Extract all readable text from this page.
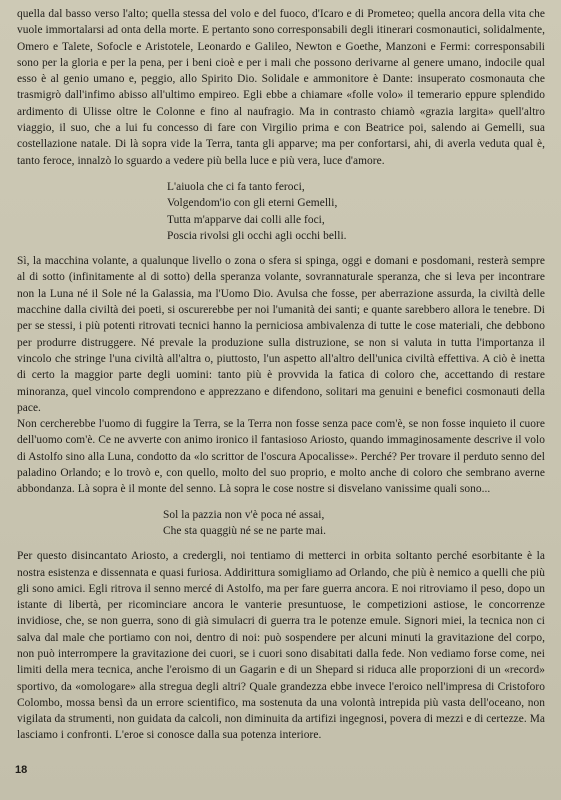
quella dal basso verso l'alto; quella stessa del volo e del fuoco, d'Icaro e di Prometeo; quella ancora della vita che vuole immortalarsi ad onta della morte. E pertanto sono corresponsabili degli itinerari cosmonautici, solidalmente, Omero e Talete, Sofocle e Aristotele, Leonardo e Galileo, Newton e Goethe, Manzoni e Fermi: corresponsabili sono per la gloria e per la pena, per i beni cioè e per i mali che possono derivarne al genere umano, indocile qual esso è al genio umano e, peggio, allo Spirito Dio. Solidale e ammonitore è Dante: insuperato cosmonauta che trasmigrò dall'infimo abisso all'ultimo empireo. Egli ebbe a chiamare «folle volo» il temerario eppure splendido ardimento di Ulisse oltre le Colonne e fino al naufragio. Ma in contrasto chiamò «grazia largita» quell'altro viaggio, il suo, che a lui fu concesso di fare con Virgilio prima e con Beatrice poi, salendo ai Gemelli, sua costellazione natale. Di là sopra vide la Terra, tanta gli apparve; ma per confortarsi, ahi, di averla veduta qual è, tanto feroce, innalzò lo sguardo a vedere più bella luce e più vera, luce d'amore.

L'aiuola che ci fa tanto feroci,
Volgendom'io con gli eterni Gemelli,
Tutta m'apparve dai colli alle foci,
Poscia rivolsi gli occhi agli occhi belli.

Sì, la macchina volante, a qualunque livello o zona o sfera si spinga, oggi e domani e posdomani, resterà sempre al di sotto (infinitamente al di sotto) della speranza volante, sovrannaturale speranza, che si leva per incontrare non la Luna né il Sole né la Galassia, ma l'Uomo Dio. Avulsa che fosse, per aberrazione assurda, la civiltà delle macchine dalla civiltà dei poeti, si oscurerebbe per noi l'umanità dei santi; e quante sarebbero allora le tenebre. Di per se stessi, i più potenti ritrovati tecnici hanno la perniciosa ambivalenza di tutte le cose materiali, che debbono per produrre distruggere. Né prevale la produzione sulla distruzione, se non si valuta in tutta l'importanza il vincolo che stringe l'una civiltà all'altra o, piuttosto, l'un aspetto all'altro dell'unica civiltà effettiva. A ciò è inetta di certo la maggior parte degli uomini: tanto più è provvida la fatica di coloro che, accettando di restare minoranza, quel vincolo comprendono e apprezzano e difendono, solitari ma genuini e benefici cosmonauti della pace.

Non cercherebbe l'uomo di fuggire la Terra, se la Terra non fosse senza pace com'è, se non fosse inquieto il cuore dell'uomo com'è. Ce ne avverte con animo ironico il fantasioso Ariosto, quando immaginosamente descrive il volo di Astolfo sino alla Luna, condotto da «lo scrittor de l'oscura Apocalisse». Perché? Per trovare il perduto senno del paladino Orlando; e lo trovò e, con quello, molto del suo proprio, e molto anche di coloro che sembrano averne abbondanza. Là sopra è il monte del senno. Là sopra le cose nostre si disvelano vanissime quali sono...

Sol la pazzia non v'è poca né assai,
Che sta quaggiù né se ne parte mai.

Per questo disincantato Ariosto, a credergli, noi tentiamo di metterci in orbita soltanto perché esorbitante è la nostra esistenza e dissennata e quasi furiosa. Addirittura somigliamo ad Orlando, che più è nemico a quelli che più gli sono amici. Egli ritrova il senno mercé di Astolfo, ma per fare guerra ancora. E noi ritroviamo il peso, dopo un istante di libertà, per ricominciare ancora le vanterie presuntuose, le competizioni astiose, le concorrenze invidiose, che, se non guerra, sono di già simulacri di guerra tra le potenze emule. Signori miei, la tecnica non ci salva dal male che portiamo con noi, dentro di noi: può sospendere per alcuni minuti la gravitazione del corpo, non può interrompere la gravitazione dei cuori, se i cuori sono disabitati dalla fede. Non vediamo forse come, nei limiti della mera tecnica, anche l'eroismo di un Gagarin e di un Shepard si riduca alle proporzioni di un «record» sportivo, da «omologare» alla stregua degli altri? Quale grandezza ebbe invece l'eroico nell'impresa di Cristoforo Colombo, mossa bensì da un errore scientifico, ma sostenuta da una volontà intrepida più vasta dell'oceano, non vigilata da strumenti, non guidata da calcoli, non diminuita da artifizi ingegnosi, povera di mezzi e di certezze. Ma lasciamo i confronti. L'eroe si conosce dalla sua potenza interiore.

18
